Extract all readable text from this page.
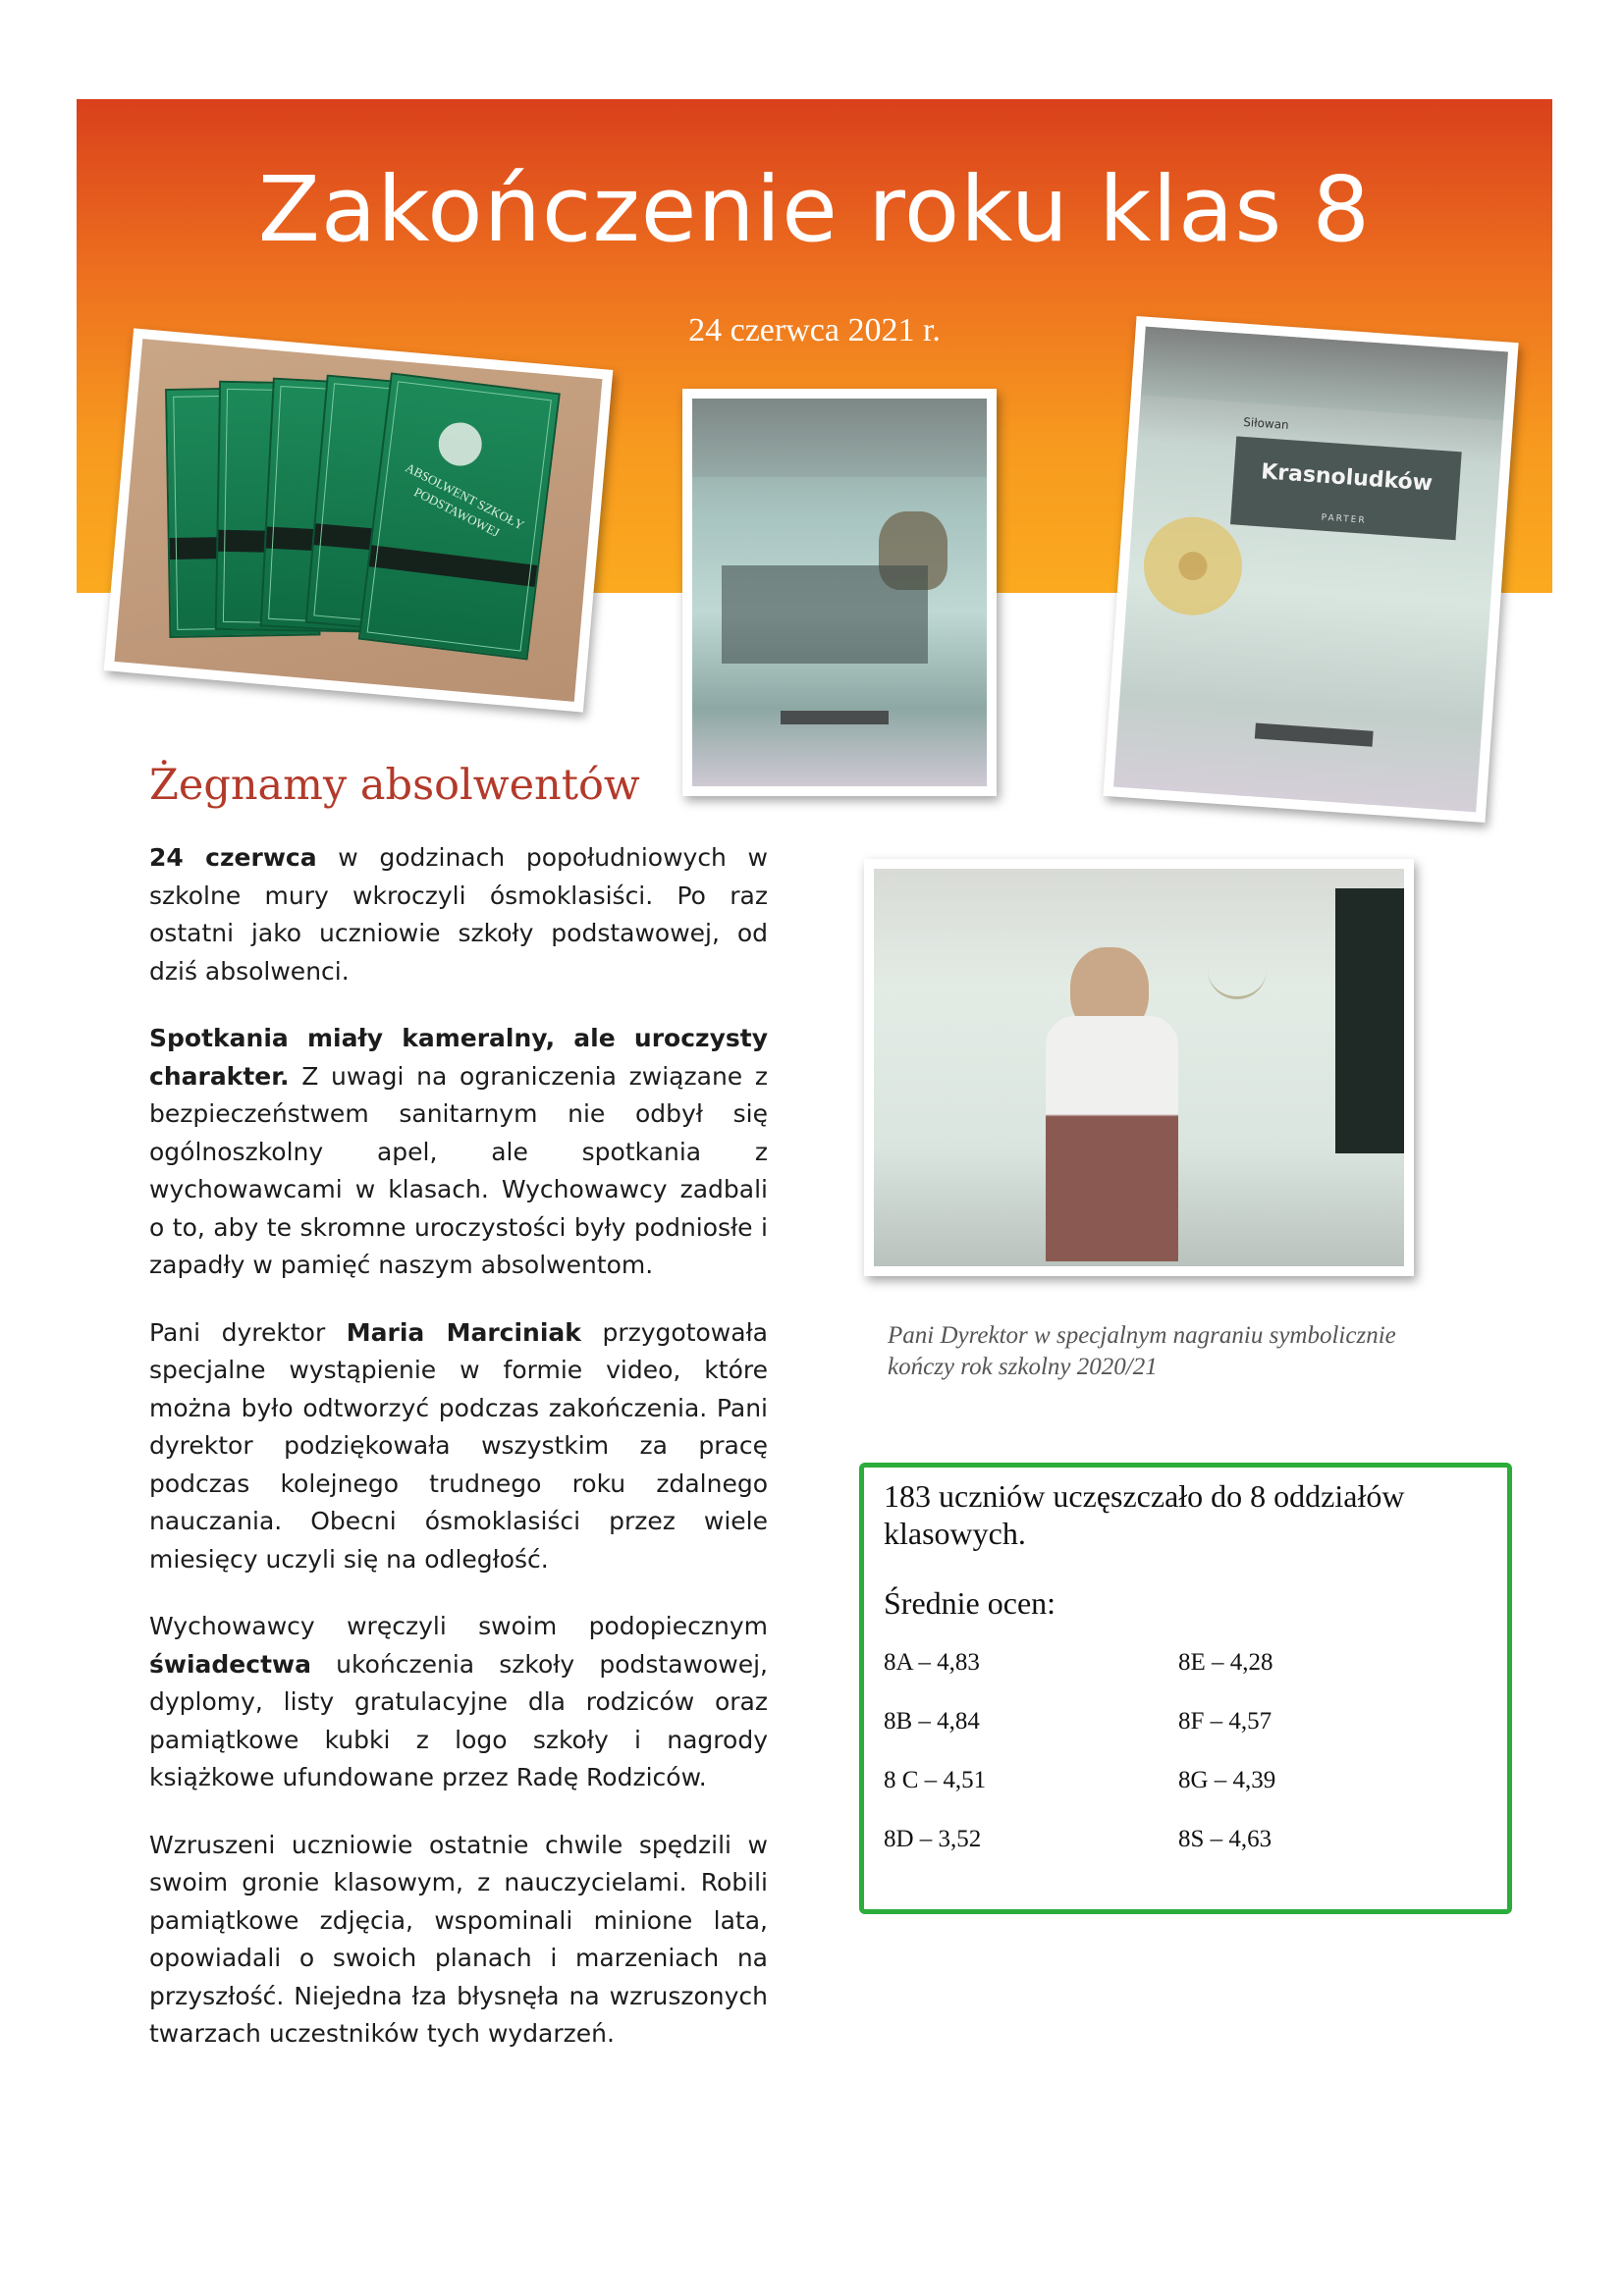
Zakończenie roku klas 8
24 czerwca 2021 r.
ABSOLWENT SZKOŁY PODSTAWOWEJ
Siłowan
Krasnoludków
PARTER
Żegnamy absolwentów

24 czerwca w godzinach popołudniowych w szkolne mury wkroczyli ósmoklasiści. Po raz ostatni jako uczniowie szkoły podstawowej, od dziś absolwenci.

Spotkania miały kameralny, ale uroczysty charakter. Z uwagi na ograniczenia związane z bezpieczeństwem sanitarnym nie odbył się ogólnoszkolny apel, ale spotkania z wychowawcami w klasach. Wychowawcy zadbali o to, aby te skromne uroczystości były podniosłe i zapadły w pamięć naszym absolwentom.

Pani dyrektor Maria Marciniak przygotowała specjalne wystąpienie w formie video, które można było odtworzyć podczas zakończenia. Pani dyrektor podziękowała wszystkim za pracę podczas kolejnego trudnego roku zdalnego nauczania. Obecni ósmoklasiści przez wiele miesięcy uczyli się na odległość.

Wychowawcy wręczyli swoim podopiecznym świadectwa ukończenia szkoły podstawowej, dyplomy, listy gratulacyjne dla rodziców oraz pamiątkowe kubki z logo szkoły i nagrody książkowe ufundowane przez Radę Rodziców.

Wzruszeni uczniowie ostatnie chwile spędzili w swoim gronie klasowym, z nauczycielami. Robili pamiątkowe zdjęcia, wspominali minione lata, opowiadali o swoich planach i marzeniach na przyszłość. Niejedna łza błysnęła na wzruszonych twarzach uczestników tych wydarzeń.

Pani Dyrektor w specjalnym nagraniu symbolicznie kończy rok szkolny 2020/21
183 uczniów uczęszczało do 8 oddziałów klasowych.
Średnie ocen:
8A – 4,83	8E – 4,28
8B – 4,84	8F – 4,57
8 C – 4,51	8G – 4,39
8D – 3,52	8S – 4,63
